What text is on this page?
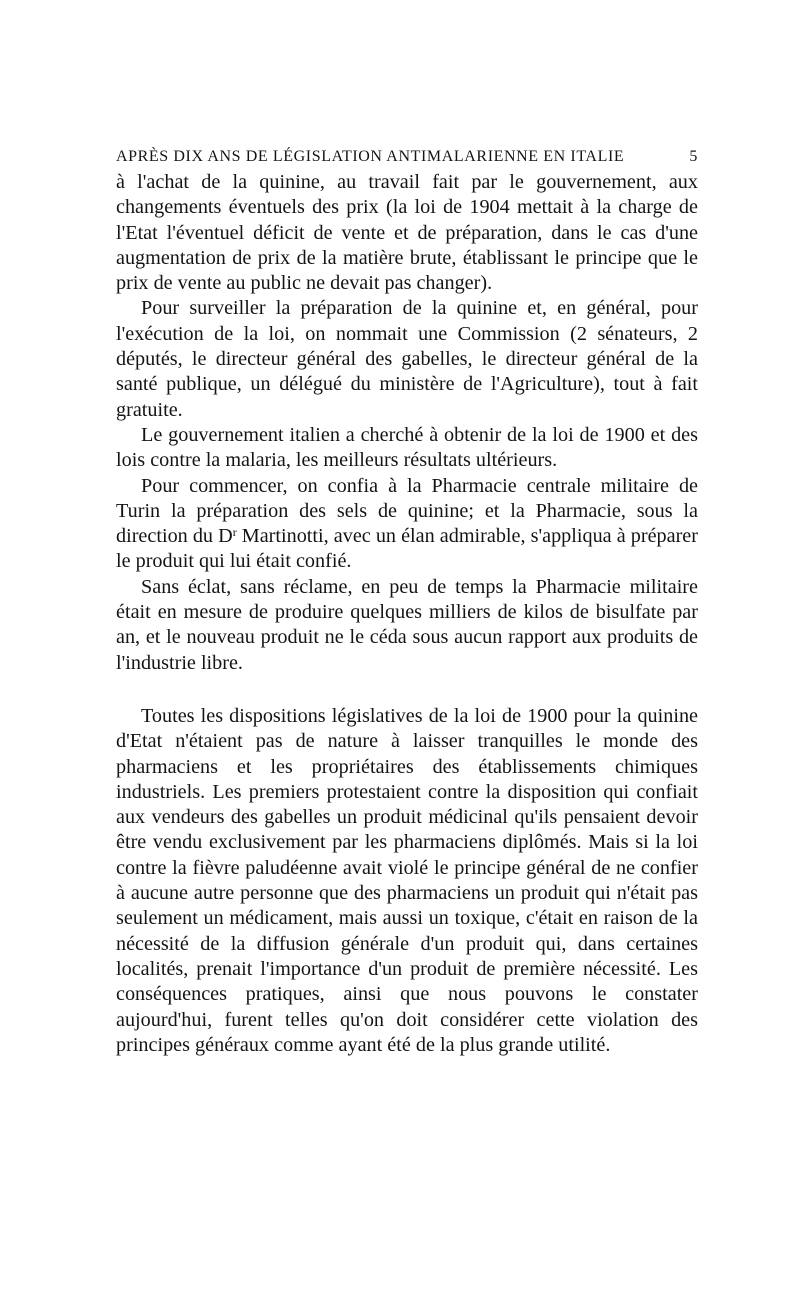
APRÈS DIX ANS DE LÉGISLATION ANTIMALARIENNE EN ITALIE	5

à l'achat de la quinine, au travail fait par le gouvernement, aux changements éventuels des prix (la loi de 1904 mettait à la charge de l'Etat l'éventuel déficit de vente et de préparation, dans le cas d'une augmentation de prix de la matière brute, établissant le principe que le prix de vente au public ne devait pas changer).

Pour surveiller la préparation de la quinine et, en général, pour l'exécution de la loi, on nommait une Commission (2 sénateurs, 2 députés, le directeur général des gabelles, le directeur général de la santé publique, un délégué du ministère de l'Agriculture), tout à fait gratuite.

Le gouvernement italien a cherché à obtenir de la loi de 1900 et des lois contre la malaria, les meilleurs résultats ultérieurs.

Pour commencer, on confia à la Pharmacie centrale militaire de Turin la préparation des sels de quinine; et la Pharmacie, sous la direction du $D^r$ Martinotti, avec un élan admirable, s'appliqua à préparer le produit qui lui était confié.

Sans éclat, sans réclame, en peu de temps la Pharmacie militaire était en mesure de produire quelques milliers de kilos de bisulfate par an, et le nouveau produit ne le céda sous aucun rapport aux produits de l'industrie libre.

Toutes les dispositions législatives de la loi de 1900 pour la quinine d'Etat n'étaient pas de nature à laisser tranquilles le monde des pharmaciens et les propriétaires des établissements chimiques industriels. Les premiers protestaient contre la disposition qui confiait aux vendeurs des gabelles un produit médicinal qu'ils pensaient devoir être vendu exclusivement par les pharmaciens diplômés. Mais si la loi contre la fièvre paludéenne avait violé le principe général de ne confier à aucune autre personne que des pharmaciens un produit qui n'était pas seulement un médicament, mais aussi un toxique, c'était en raison de la nécessité de la diffusion générale d'un produit qui, dans certaines localités, prenait l'importance d'un produit de première nécessité. Les conséquences pratiques, ainsi que nous pouvons le constater aujourd'hui, furent telles qu'on doit considérer cette violation des principes généraux comme ayant été de la plus grande utilité.
